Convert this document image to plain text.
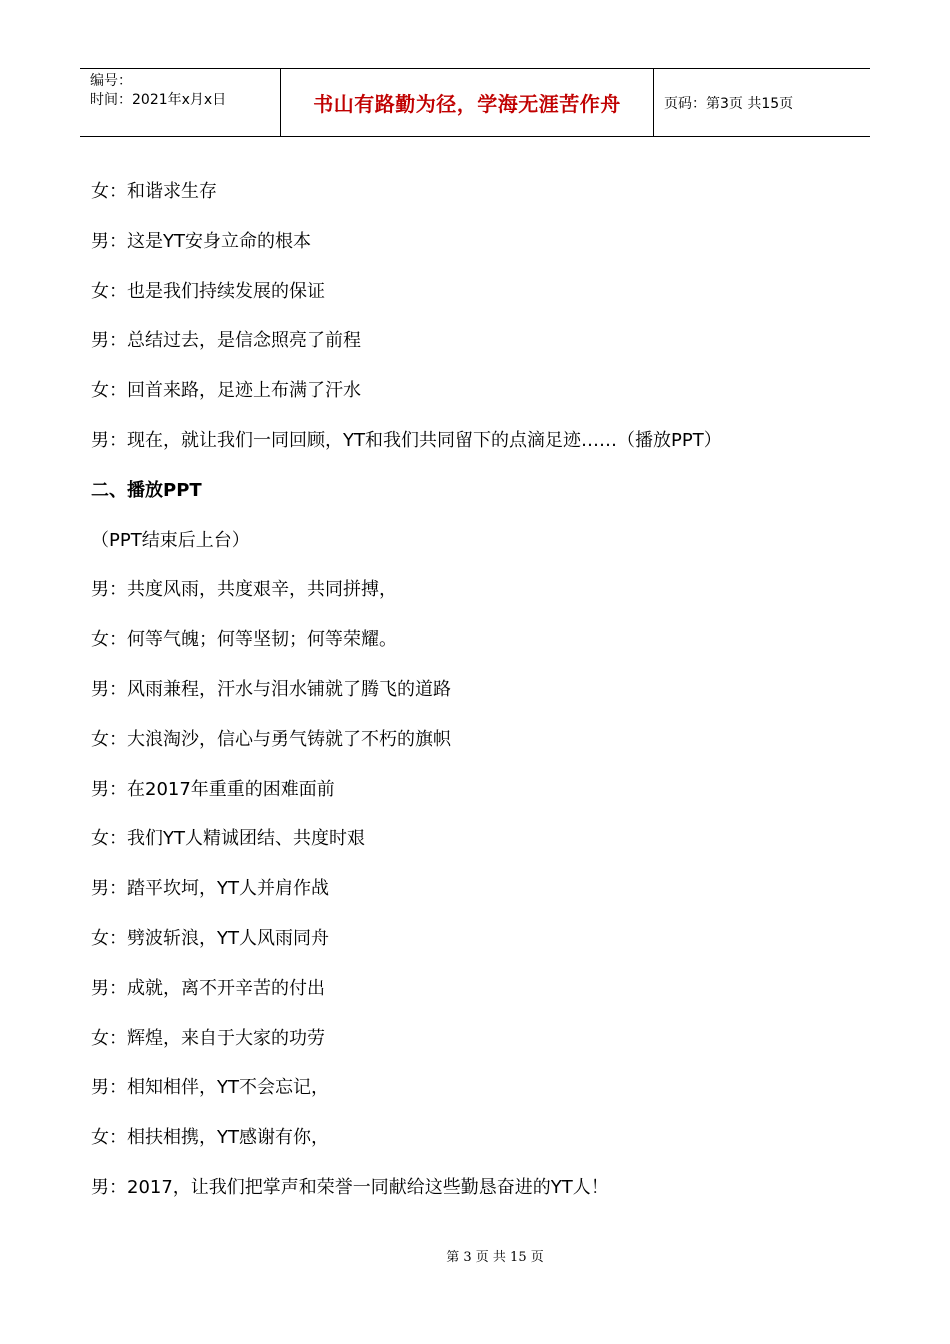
编号：
时间：2021年x月x日	书山有路勤为径，学海无涯苦作舟	页码：第3页 共15页
女：和谐求生存
男：这是YT安身立命的根本
女：也是我们持续发展的保证
男：总结过去，是信念照亮了前程
女：回首来路，足迹上布满了汗水
男：现在，就让我们一同回顾，YT和我们共同留下的点滴足迹……（播放PPT）
二、播放PPT
（PPT结束后上台）
男：共度风雨，共度艰辛，共同拼搏，
女：何等气魄；何等坚韧；何等荣耀。
男：风雨兼程，汗水与泪水铺就了腾飞的道路
女：大浪淘沙，信心与勇气铸就了不朽的旗帜
男：在2017年重重的困难面前
女：我们YT人精诚团结、共度时艰
男：踏平坎坷，YT人并肩作战
女：劈波斩浪，YT人风雨同舟
男：成就，离不开辛苦的付出
女：辉煌，来自于大家的功劳
男：相知相伴，YT不会忘记，
女：相扶相携，YT感谢有你，
男：2017，让我们把掌声和荣誉一同献给这些勤恳奋进的YT人！
第 3 页 共 15 页
